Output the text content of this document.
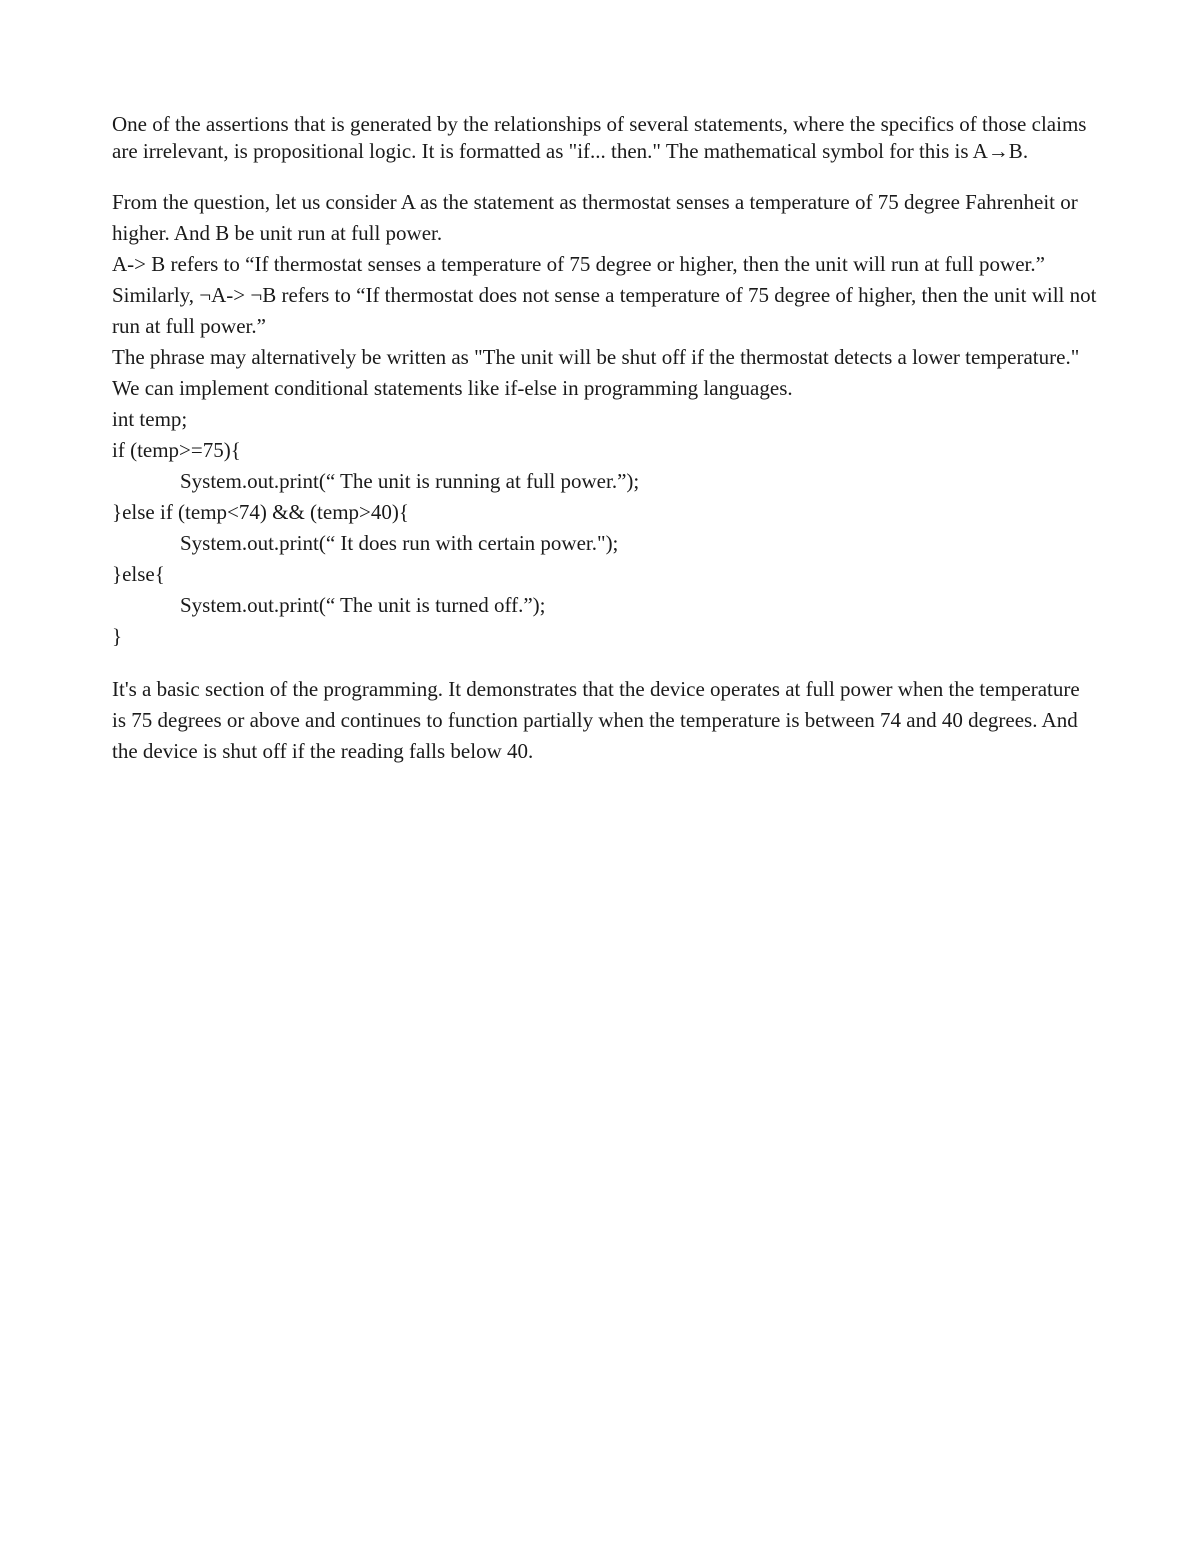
One of the assertions that is generated by the relationships of several statements, where the specifics of those claims are irrelevant, is propositional logic. It is formatted as "if... then." The mathematical symbol for this is A→B.

From the question, let us consider A as the statement as thermostat senses a temperature of 75 degree Fahrenheit or higher. And B be unit run at full power.

A-> B refers to “If thermostat senses a temperature of 75 degree or higher, then the unit will run at full power.”

Similarly, ¬A-> ¬B refers to “If thermostat does not sense a temperature of 75 degree of higher, then the unit will not run at full power.”

The phrase may alternatively be written as "The unit will be shut off if the thermostat detects a lower temperature."

We can implement conditional statements like if-else in programming languages.

int temp;
if (temp>=75){
System.out.print(“ The unit is running at full power.”);
}else if (temp<74) && (temp>40){
System.out.print(“ It does run with certain power.");
}else{
System.out.print(“ The unit is turned off.”);
}

It's a basic section of the programming. It demonstrates that the device operates at full power when the temperature is 75 degrees or above and continues to function partially when the temperature is between 74 and 40 degrees. And the device is shut off if the reading falls below 40.
